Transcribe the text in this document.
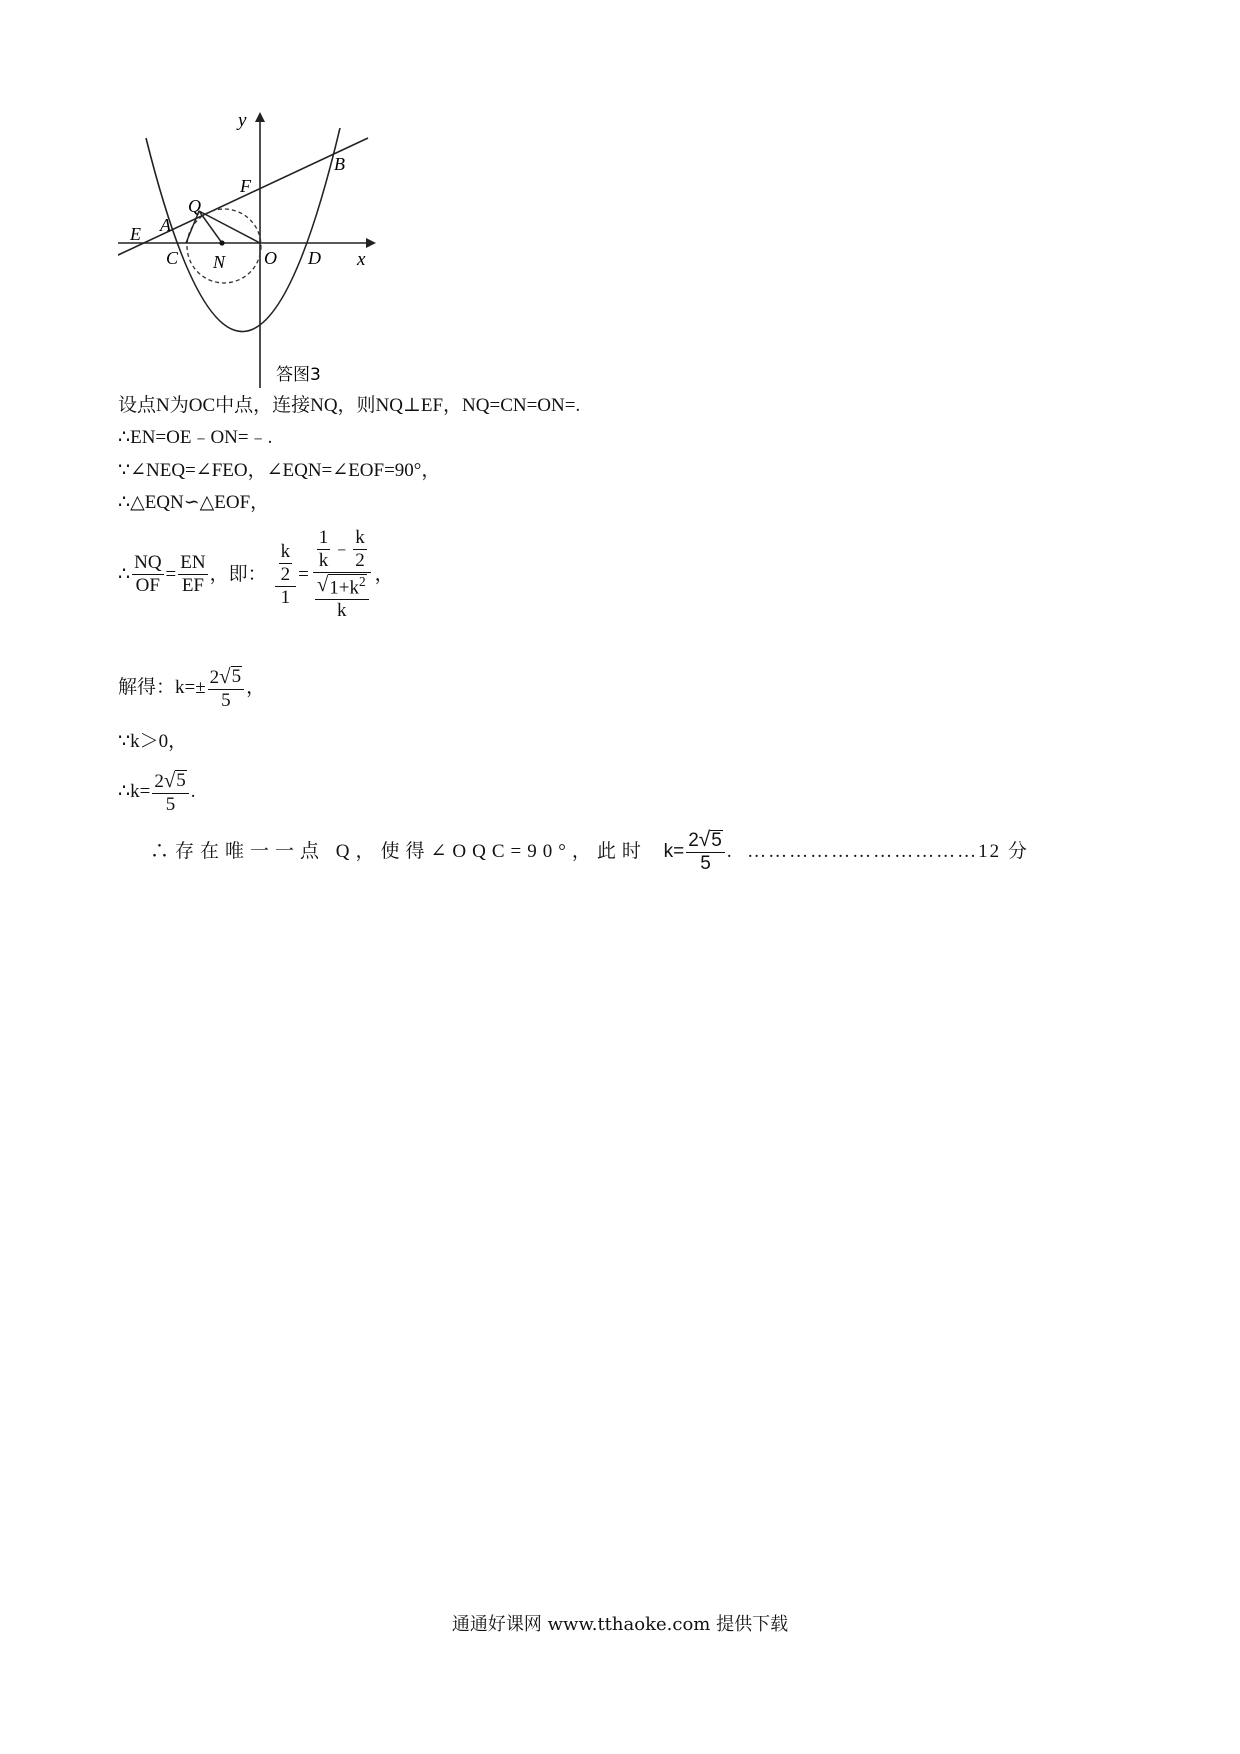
y
x
B
F
Q
A
E
C N O D
答图3
设点N为OC中点，连接NQ，则NQ⊥EF，NQ=CN=ON=.
∴EN=OE﹣ON=﹣.
∵∠NEQ=∠FEO，∠EQN=∠EOF=90°，
∴△EQN∽△EOF，
∴ $\frac{NQ}{OF} = \frac{EN}{EF}$ ，即： $\frac{\frac{k}{2}}{1} = \frac{\frac{1}{k} ﹣ \frac{k}{2}}{\frac{√ 1+k^2}{k}}$ ，
解得：$k=\pm \frac{2 √ 5}{5}$ ，
∵k＞0，
∴k= $\frac{2 √ 5}{5}$ .
∴存在唯一一点 Q，使得∠OQC=90°，此时 $k= \frac{2 √ 5}{5}$ .  ……………………………12 分
通通好课网 www.tthaoke.com 提供下载
